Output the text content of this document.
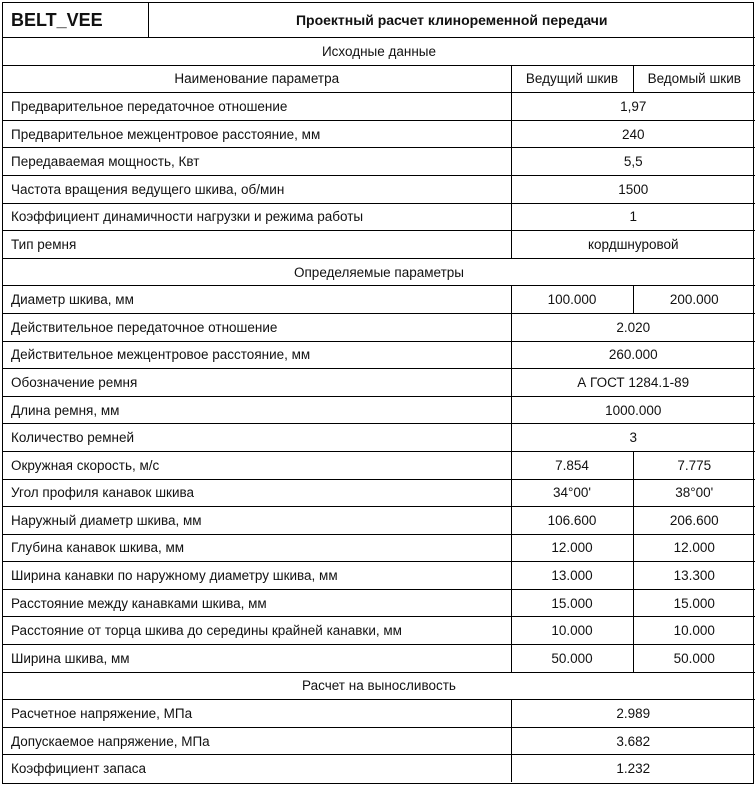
BELT_VEE	Проектный расчет клиноременной передачи		
Исходные данные			
Наименование параметра		Ведущий шкив	Ведомый шкив
Предварительное передаточное отношение		1,97	
Предварительное межцентровое расстояние, мм		240	
Передаваемая мощность, Квт		5,5	
Частота вращения ведущего шкива, об/мин		1500	
Коэффициент динамичности нагрузки и режима работы		1	
Тип ремня		кордшнуровой	
Определяемые параметры			
Диаметр шкива, мм		100.000	200.000
Действительное передаточное отношение		2.020	
Действительное межцентровое расстояние, мм		260.000	
Обозначение ремня		А ГОСТ 1284.1-89	
Длина ремня, мм		1000.000	
Количество ремней		3	
Окружная скорость, м/с		7.854	7.775
Угол профиля канавок шкива		34°00'	38°00'
Наружный диаметр шкива, мм		106.600	206.600
Глубина канавок шкива, мм		12.000	12.000
Ширина канавки по наружному диаметру шкива, мм		13.000	13.300
Расстояние между канавками шкива, мм		15.000	15.000
Расстояние от торца шкива до середины крайней канавки, мм		10.000	10.000
Ширина шкива, мм		50.000	50.000
Расчет на выносливость			
Расчетное напряжение, МПа		2.989	
Допускаемое напряжение, МПа		3.682	
Коэффициент запаса		1.232	
